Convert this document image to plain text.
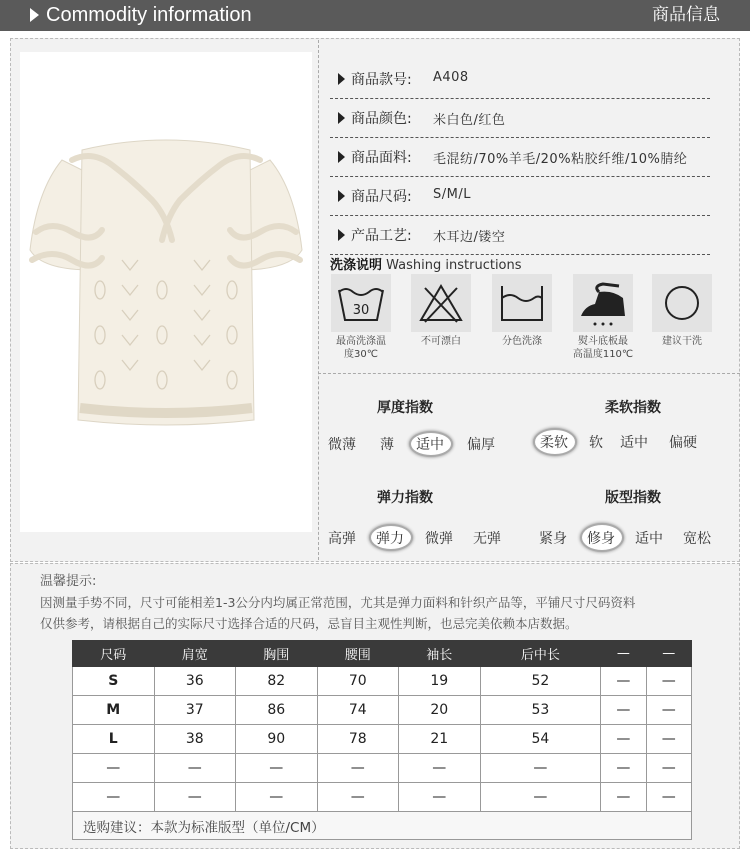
Commodity information	商品信息
商品款号: A408
商品颜色: 米白色/红色
商品面料: 毛混纺/70%羊毛/20%粘胶纤维/10%腈纶
商品尺码: S/M/L
产品工艺: 木耳边/镂空
洗涤说明 Washing instructions
30
最高洗涤温
度30℃
不可漂白	分色洗涤	熨斗底板最
高温度110℃
建议干洗
厚度指数
微薄 薄 适中 偏厚
柔软指数
柔软 软 适中 偏硬
弹力指数
高弹 弹力 微弹 无弹
版型指数
紧身 修身 适中 宽松
温馨提示:
因测量手势不同，尺寸可能相差1-3公分内均属正常范围，尤其是弹力面料和针织产品等，平铺尺寸尺码资料
仅供参考，请根据自己的实际尺寸选择合适的尺码，忌盲目主观性判断，也忌完美依赖本店数据。
尺码	肩宽	胸围	腰围	袖长	后中长	—	—
S	36	82	70	19	52	—	—
M	37	86	74	20	53	—	—
L	38	90	78	21	54	—	—
—	—	—	—	—	—	—	—
—	—	—	—	—	—	—	—
选购建议：本款为标准版型（单位/CM）							
